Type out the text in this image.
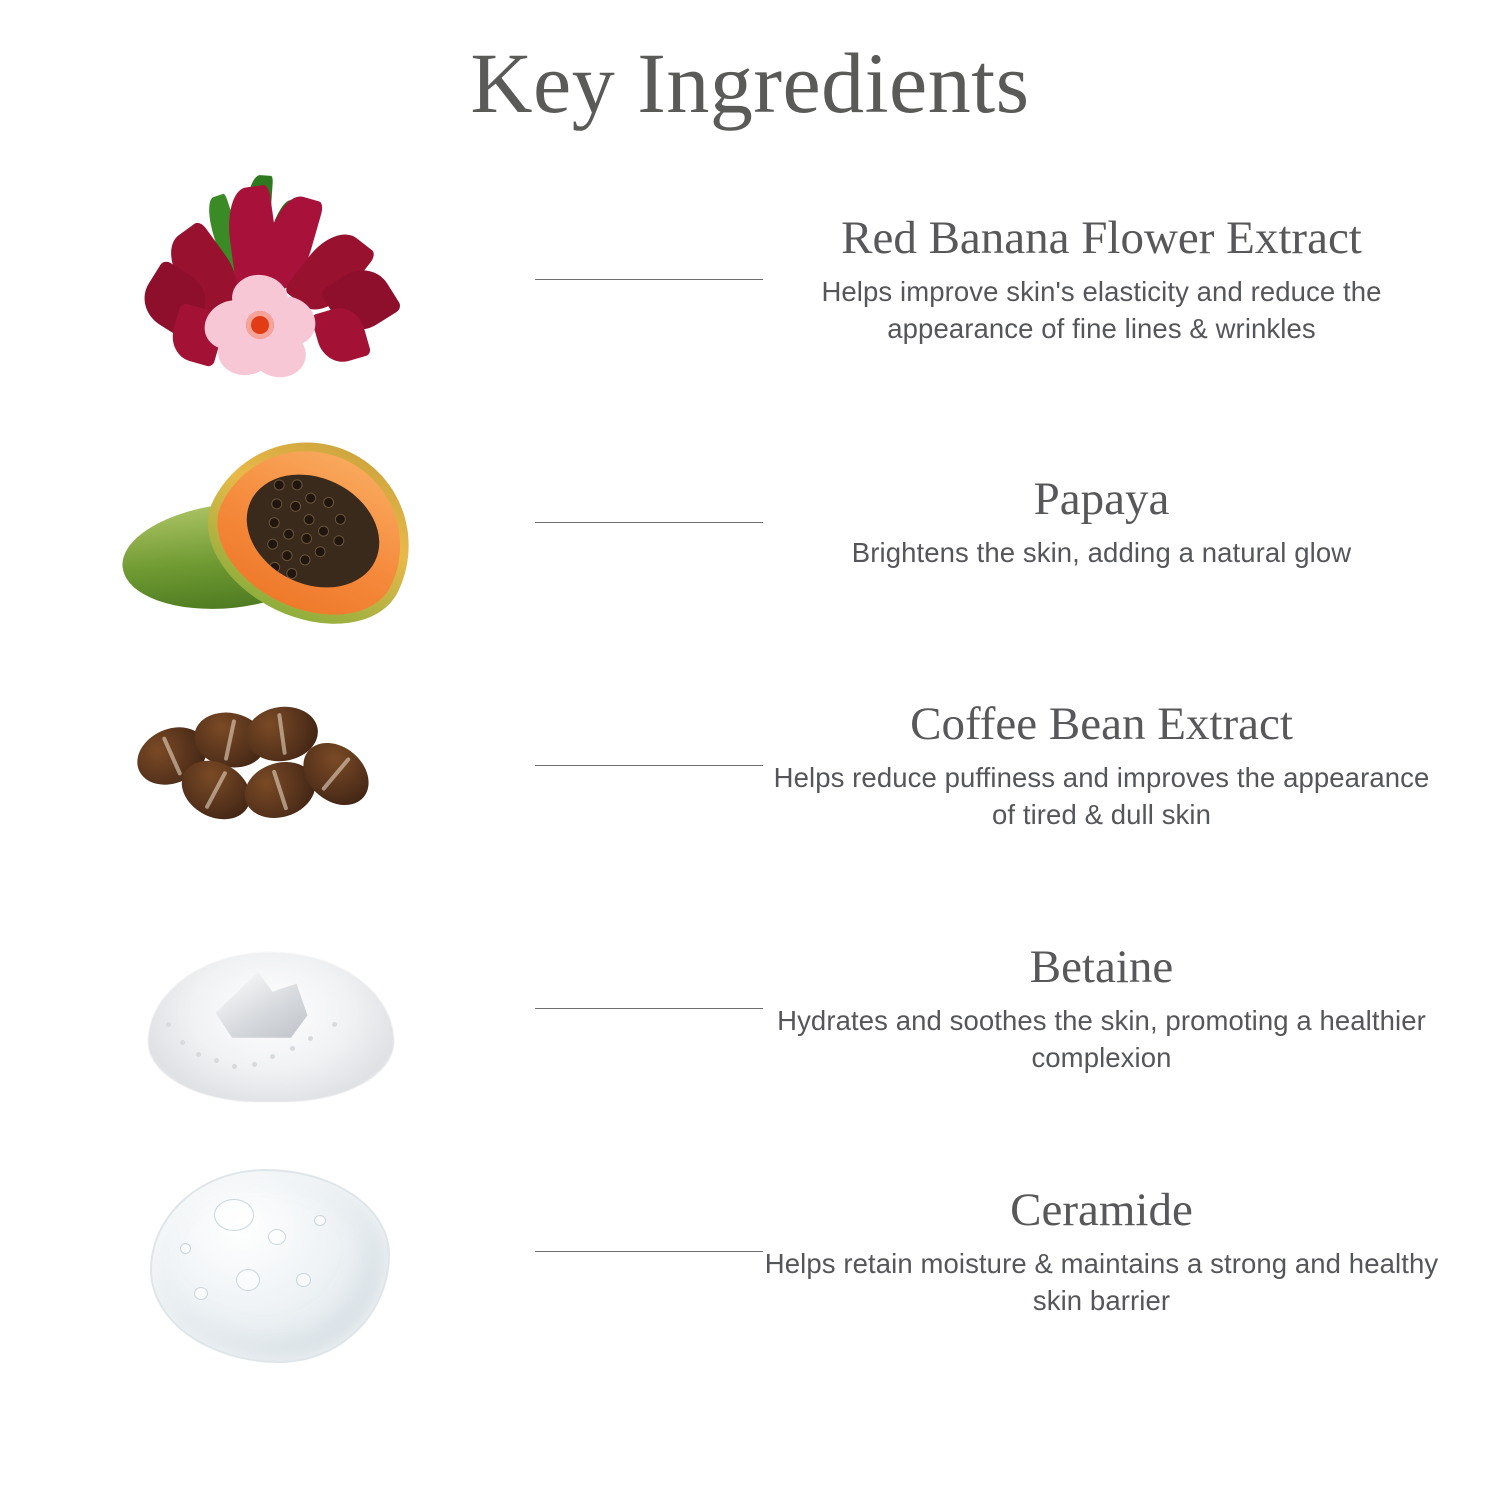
Key Ingredients
Red Banana Flower Extract
Helps improve skin's elasticity and reduce the appearance of fine lines & wrinkles
Papaya
Brightens the skin, adding a natural glow
Coffee Bean Extract
Helps reduce puffiness and improves the appearance of tired & dull skin
Betaine
Hydrates and soothes the skin, promoting a healthier complexion
Ceramide
Helps retain moisture & maintains a strong and healthy skin barrier
